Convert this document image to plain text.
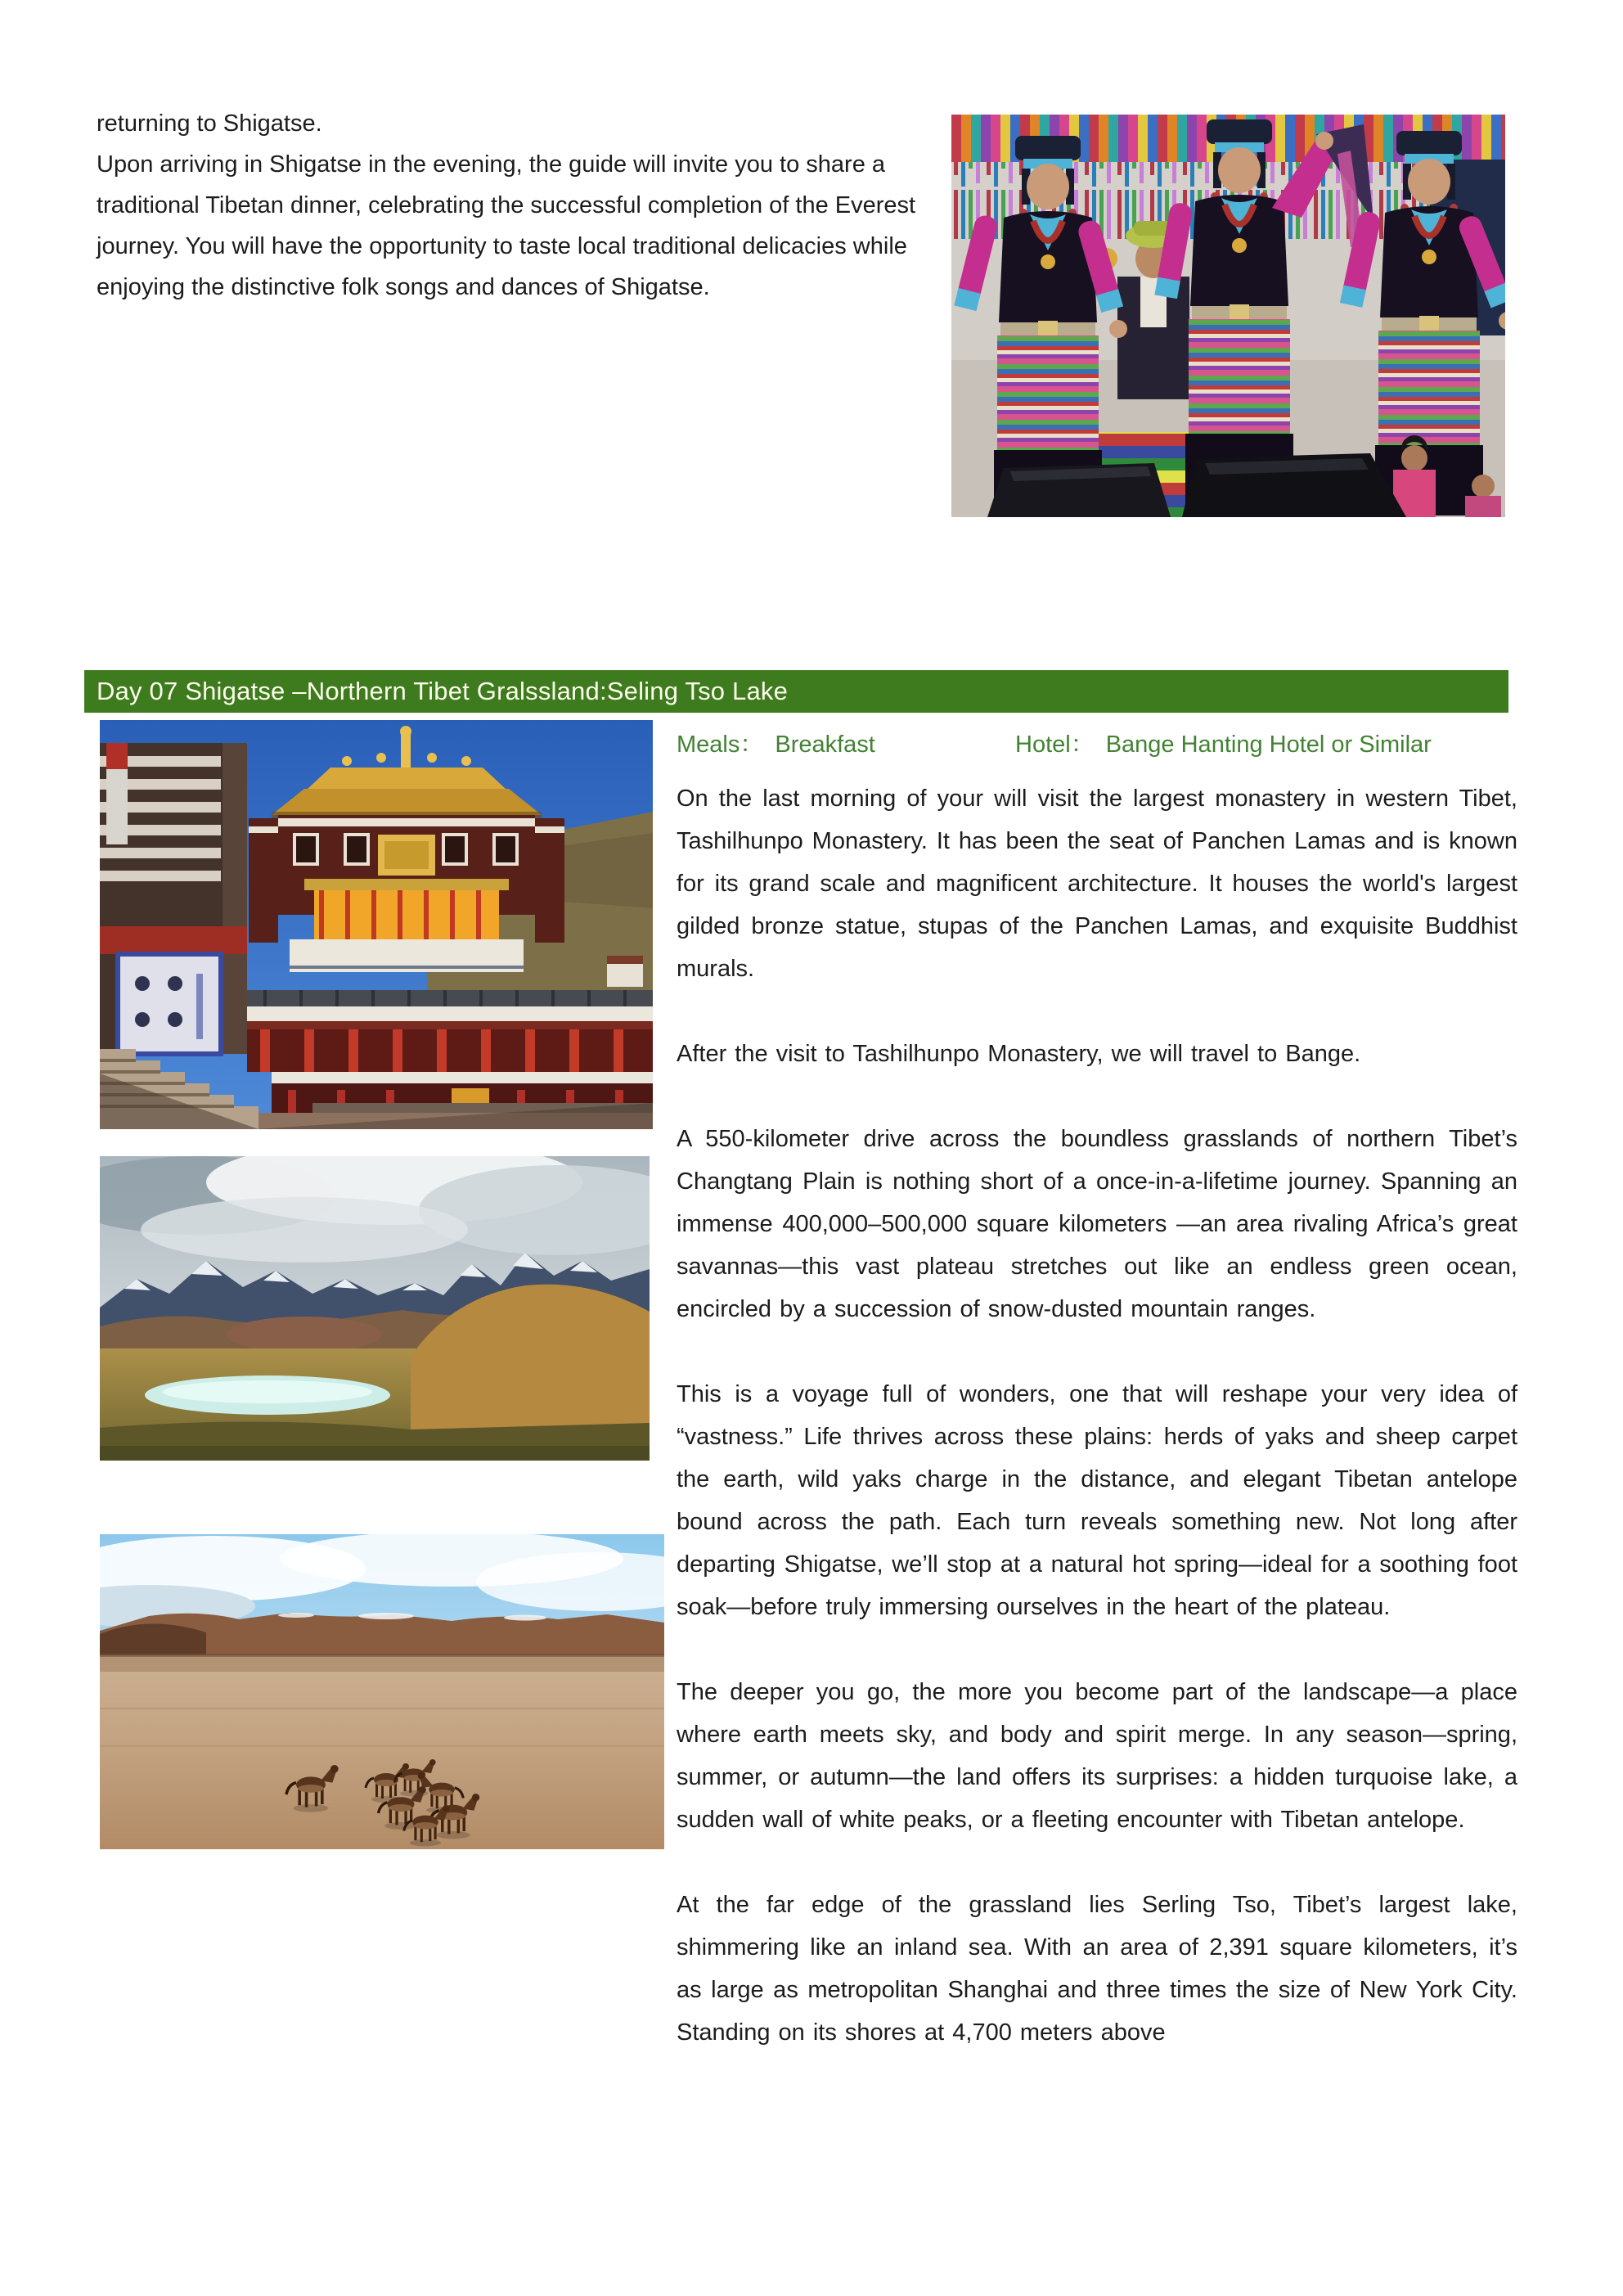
returning to Shigatse.

Upon arriving in Shigatse in the evening, the guide will invite you to share a traditional Tibetan dinner, celebrating the successful completion of the Everest journey. You will have the opportunity to taste local traditional delicacies while enjoying the distinctive folk songs and dances of Shigatse.

Day 07 Shigatse –Northern Tibet Gralssland:Seling Tso Lake
Meals： Breakfast	Hotel： Bange Hanting Hotel or Similar

On the last morning of your will visit the largest monastery in western Tibet, Tashilhunpo Monastery. It has been the seat of Panchen Lamas and is known for its grand scale and magnificent architecture. It houses the world's largest gilded bronze statue, stupas of the Panchen Lamas, and exquisite Buddhist murals.

After the visit to Tashilhunpo Monastery, we will travel to Bange.

A 550-kilometer drive across the boundless grasslands of northern Tibet’s Changtang Plain is nothing short of a once-in-a-lifetime journey. Spanning an immense 400,000–500,000 square kilometers —an area rivaling Africa’s great savannas—this vast plateau stretches out like an endless green ocean, encircled by a succession of snow-dusted mountain ranges.

This is a voyage full of wonders, one that will reshape your very idea of “vastness.” Life thrives across these plains: herds of yaks and sheep carpet the earth, wild yaks charge in the distance, and elegant Tibetan antelope bound across the path. Each turn reveals something new. Not long after departing Shigatse, we’ll stop at a natural hot spring—ideal for a soothing foot soak—before truly immersing ourselves in the heart of the plateau.

The deeper you go, the more you become part of the landscape—a place where earth meets sky, and body and spirit merge. In any season—spring, summer, or autumn—the land offers its surprises: a hidden turquoise lake, a sudden wall of white peaks, or a fleeting encounter with Tibetan antelope.

At the far edge of the grassland lies Serling Tso, Tibet’s largest lake, shimmering like an inland sea. With an area of 2,391 square kilometers, it’s as large as metropolitan Shanghai and three times the size of New York City. Standing on its shores at 4,700 meters above
